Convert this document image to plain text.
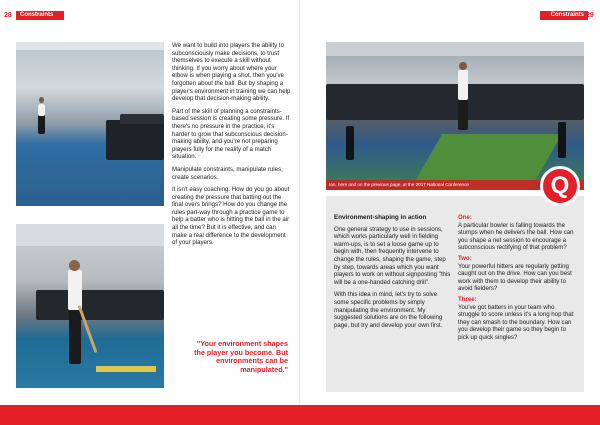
28	Constraints	Constraints 29

We want to build into players the ability to subconsciously make decisions, to trust themselves to execute a skill without thinking. If you worry about where your elbow is when playing a shot, then you've forgotten about the ball. But by shaping a player's environment in training we can help develop that decision-making ability.

Part of the skill of planning a constraints-based session is creating some pressure. If there's no pressure in the practice, it's harder to grow that subconscious decision-making ability, and you're not preparing players fully for the reality of a match situation.

Manipulate constraints, manipulate rules, create scenarios.

It isn't easy coaching. How do you go about creating the pressure that batting out the final overs brings? How do you change the rules part-way through a practice game to help a batter who is hitting the ball in the air all the time? But it is effective, and can make a real difference to the development of your players.

"Your environment shapes the player you become. But environments can be manipulated."
Ian, here and on the previous page, at the 2017 National Conference	Q
Environment-shaping in action

One general strategy to use in sessions, which works particularly well in fielding warm-ups, is to set a loose game up to begin with, then frequently intervene to change the rules, shaping the game, step by step, towards areas which you want players to work on without signposting "this will be a one-handed catching drill".

With this idea in mind, let's try to solve some specific problems by simply manipulating the environment. My suggested solutions are on the following page, but try and develop your own first.

One:

A particular bowler is falling towards the stumps when he delivers the ball. How can you shape a net session to encourage a subconscious rectifying of that problem?

Two:

Your powerful hitters are regularly getting caught out on the drive. How can you best work with them to develop their ability to avoid fielders?

Three:

You've got batters in your team who struggle to score unless it's a long hop that they can smash to the boundary. How can you develop their game so they begin to pick up quick singles?
